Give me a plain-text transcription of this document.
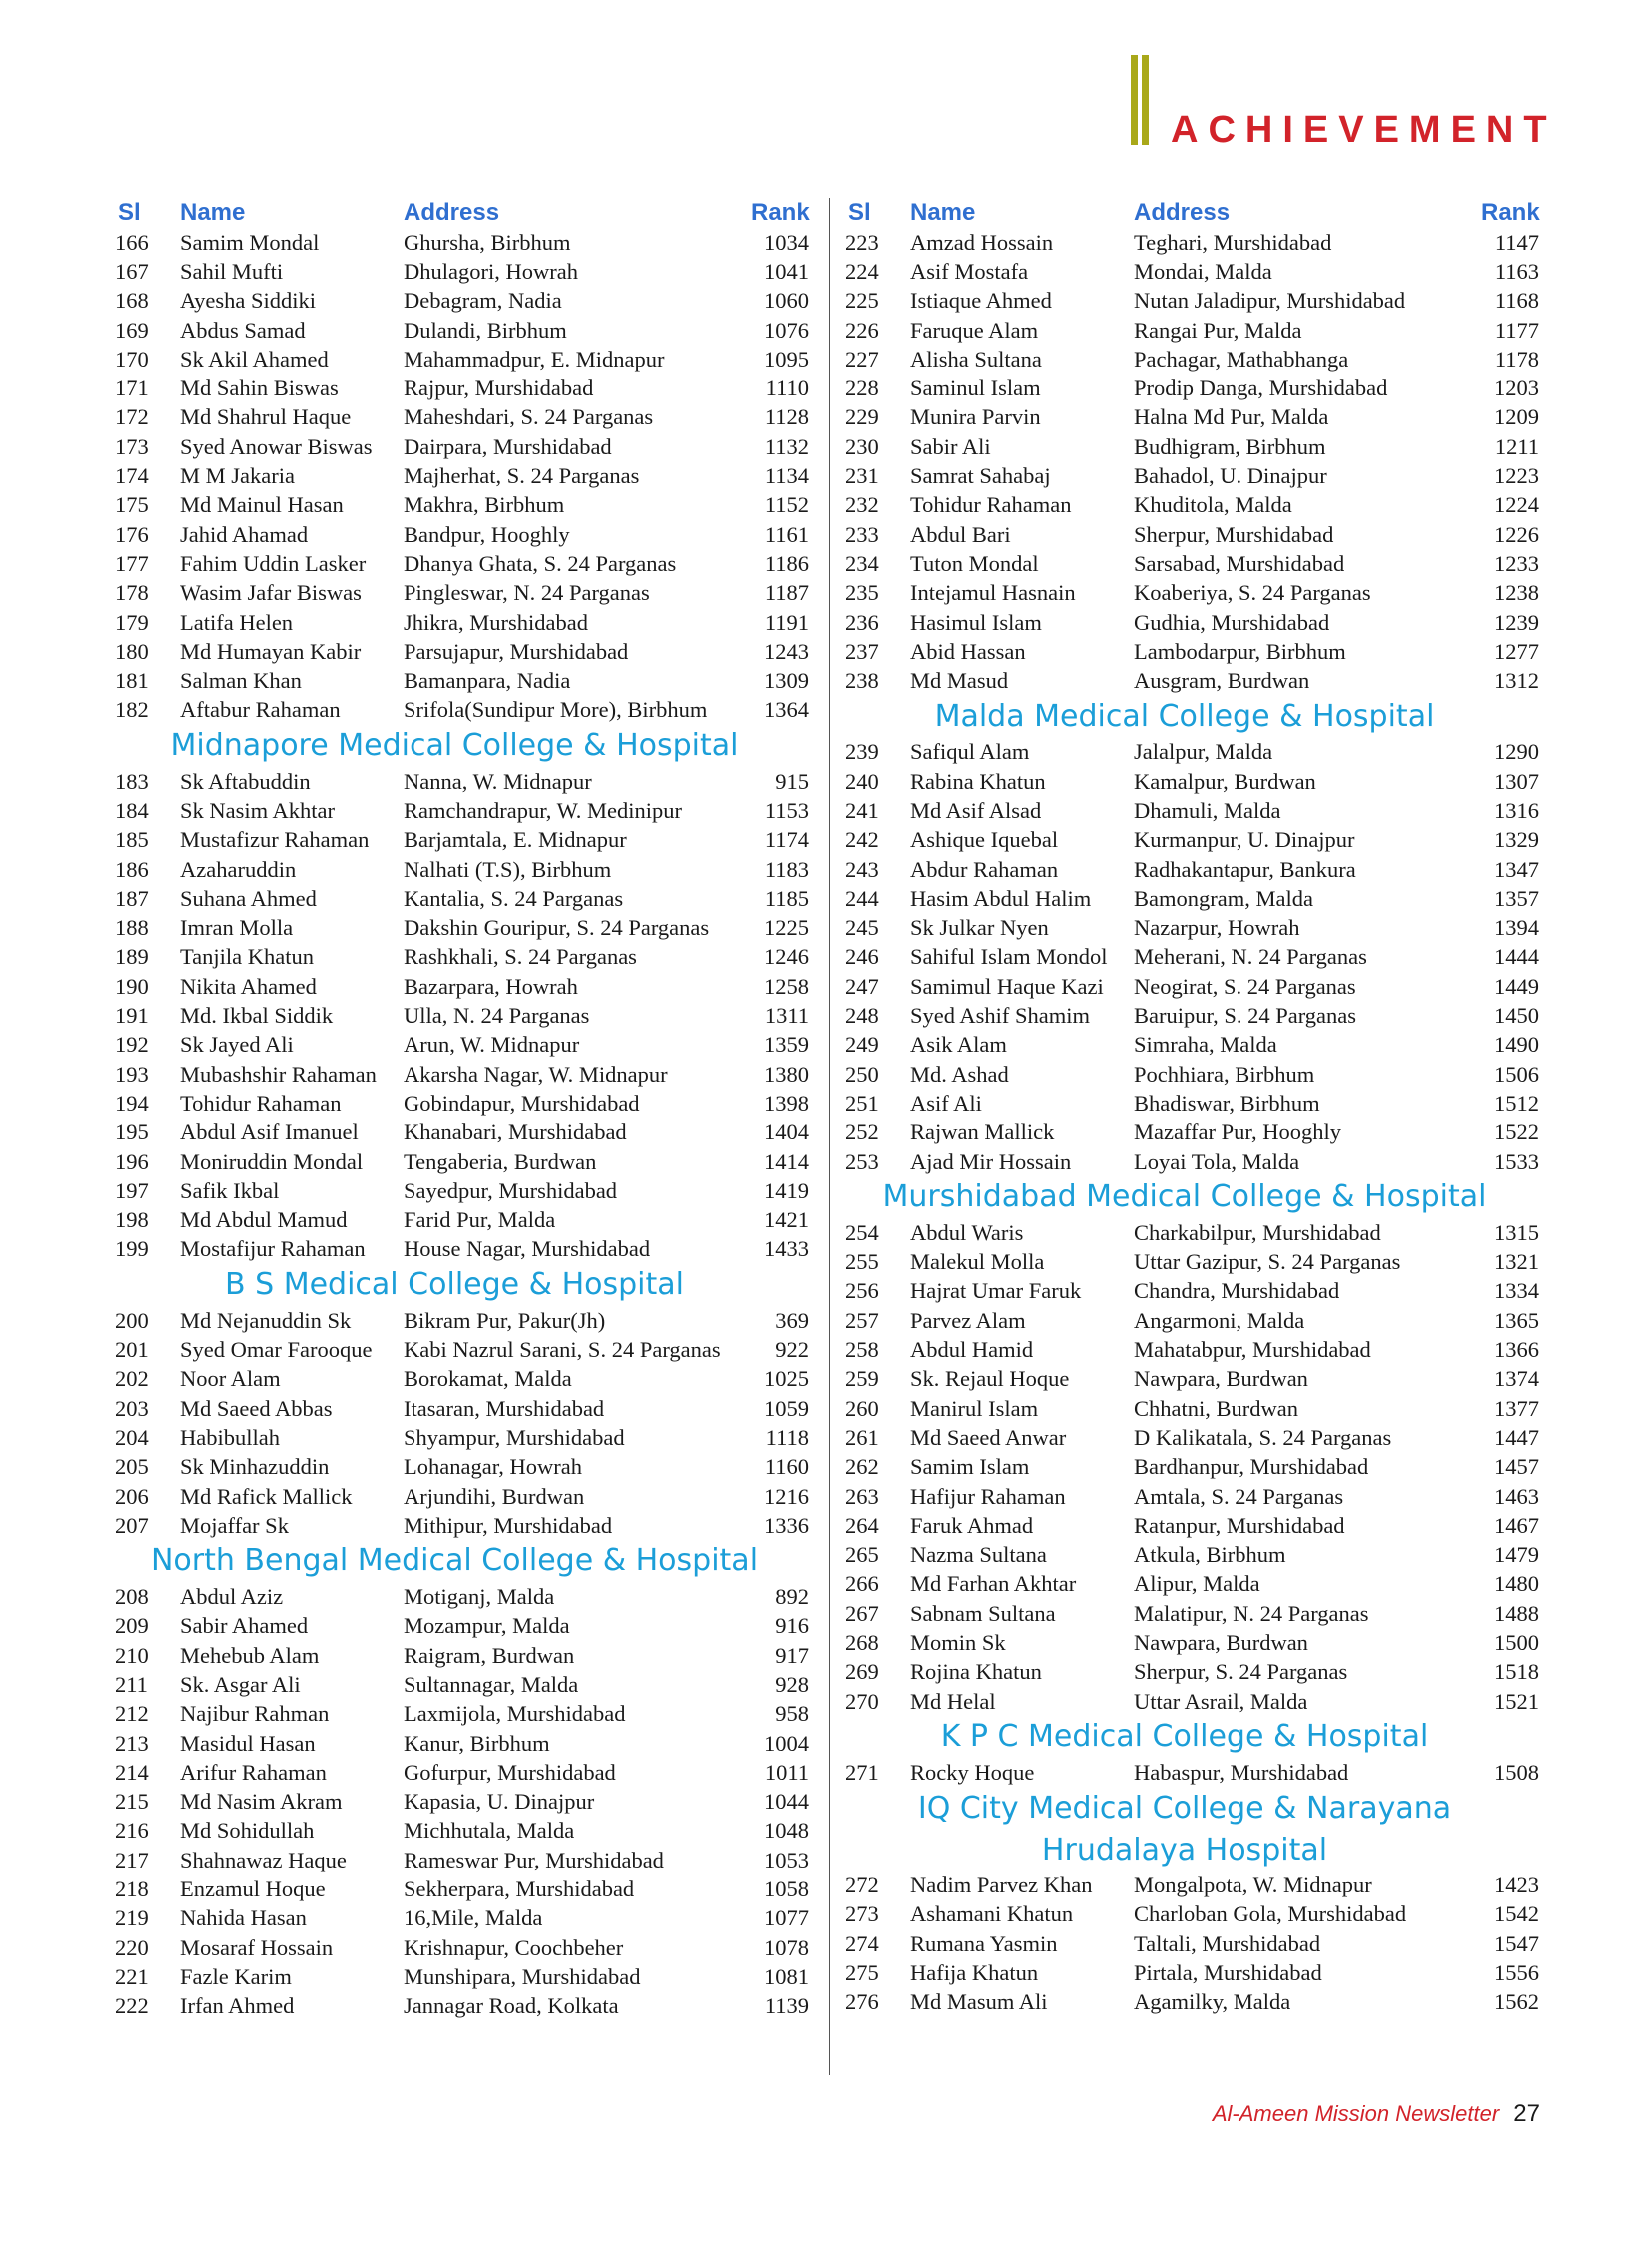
ACHIEVEMENT
Sl	Name	Address	Rank
166	Samim Mondal	Ghursha, Birbhum	1034
167	Sahil Mufti	Dhulagori, Howrah	1041
168	Ayesha Siddiki	Debagram, Nadia	1060
169	Abdus Samad	Dulandi, Birbhum	1076
170	Sk Akil Ahamed	Mahammadpur, E. Midnapur	1095
171	Md Sahin Biswas	Rajpur, Murshidabad	1110
172	Md Shahrul Haque	Maheshdari, S. 24 Parganas	1128
173	Syed Anowar Biswas	Dairpara, Murshidabad	1132
174	M M Jakaria	Majherhat, S. 24 Parganas	1134
175	Md Mainul Hasan	Makhra, Birbhum	1152
176	Jahid Ahamad	Bandpur, Hooghly	1161
177	Fahim Uddin Lasker	Dhanya Ghata, S. 24 Parganas	1186
178	Wasim Jafar Biswas	Pingleswar, N. 24 Parganas	1187
179	Latifa Helen	Jhikra, Murshidabad	1191
180	Md Humayan Kabir	Parsujapur, Murshidabad	1243
181	Salman Khan	Bamanpara, Nadia	1309
182	Aftabur Rahaman	Srifola(Sundipur More), Birbhum	1364
Midnapore Medical College & Hospital
183	Sk Aftabuddin	Nanna, W. Midnapur	915
184	Sk Nasim Akhtar	Ramchandrapur, W. Medinipur	1153
185	Mustafizur Rahaman	Barjamtala, E. Midnapur	1174
186	Azaharuddin	Nalhati (T.S), Birbhum	1183
187	Suhana Ahmed	Kantalia, S. 24 Parganas	1185
188	Imran Molla	Dakshin Gouripur, S. 24 Parganas	1225
189	Tanjila Khatun	Rashkhali, S. 24 Parganas	1246
190	Nikita Ahamed	Bazarpara, Howrah	1258
191	Md. Ikbal Siddik	Ulla, N. 24 Parganas	1311
192	Sk Jayed Ali	Arun, W. Midnapur	1359
193	Mubashshir Rahaman	Akarsha Nagar, W. Midnapur	1380
194	Tohidur Rahaman	Gobindapur, Murshidabad	1398
195	Abdul Asif Imanuel	Khanabari, Murshidabad	1404
196	Moniruddin Mondal	Tengaberia, Burdwan	1414
197	Safik Ikbal	Sayedpur, Murshidabad	1419
198	Md Abdul Mamud	Farid Pur, Malda	1421
199	Mostafijur Rahaman	House Nagar, Murshidabad	1433
B S Medical College & Hospital
200	Md Nejanuddin Sk	Bikram Pur, Pakur(Jh)	369
201	Syed Omar Farooque	Kabi Nazrul Sarani, S. 24 Parganas	922
202	Noor Alam	Borokamat, Malda	1025
203	Md Saeed Abbas	Itasaran, Murshidabad	1059
204	Habibullah	Shyampur, Murshidabad	1118
205	Sk Minhazuddin	Lohanagar, Howrah	1160
206	Md Rafick Mallick	Arjundihi, Burdwan	1216
207	Mojaffar Sk	Mithipur, Murshidabad	1336
North Bengal Medical College & Hospital
208	Abdul Aziz	Motiganj, Malda	892
209	Sabir Ahamed	Mozampur, Malda	916
210	Mehebub Alam	Raigram, Burdwan	917
211	Sk. Asgar Ali	Sultannagar, Malda	928
212	Najibur Rahman	Laxmijola, Murshidabad	958
213	Masidul Hasan	Kanur, Birbhum	1004
214	Arifur Rahaman	Gofurpur, Murshidabad	1011
215	Md Nasim Akram	Kapasia, U. Dinajpur	1044
216	Md Sohidullah	Michhutala, Malda	1048
217	Shahnawaz Haque	Rameswar Pur, Murshidabad	1053
218	Enzamul Hoque	Sekherpara, Murshidabad	1058
219	Nahida Hasan	16,Mile, Malda	1077
220	Mosaraf Hossain	Krishnapur, Coochbeher	1078
221	Fazle Karim	Munshipara, Murshidabad	1081
222	Irfan Ahmed	Jannagar Road, Kolkata	1139
Sl	Name	Address	Rank
223	Amzad Hossain	Teghari, Murshidabad	1147
224	Asif Mostafa	Mondai, Malda	1163
225	Istiaque Ahmed	Nutan Jaladipur, Murshidabad	1168
226	Faruque Alam	Rangai Pur, Malda	1177
227	Alisha Sultana	Pachagar, Mathabhanga	1178
228	Saminul Islam	Prodip Danga, Murshidabad	1203
229	Munira Parvin	Halna Md Pur, Malda	1209
230	Sabir Ali	Budhigram, Birbhum	1211
231	Samrat Sahabaj	Bahadol, U. Dinajpur	1223
232	Tohidur Rahaman	Khuditola, Malda	1224
233	Abdul Bari	Sherpur, Murshidabad	1226
234	Tuton Mondal	Sarsabad, Murshidabad	1233
235	Intejamul Hasnain	Koaberiya, S. 24 Parganas	1238
236	Hasimul Islam	Gudhia, Murshidabad	1239
237	Abid Hassan	Lambodarpur, Birbhum	1277
238	Md Masud	Ausgram, Burdwan	1312
Malda Medical College & Hospital
239	Safiqul Alam	Jalalpur, Malda	1290
240	Rabina Khatun	Kamalpur, Burdwan	1307
241	Md Asif Alsad	Dhamuli, Malda	1316
242	Ashique Iquebal	Kurmanpur, U. Dinajpur	1329
243	Abdur Rahaman	Radhakantapur, Bankura	1347
244	Hasim Abdul Halim	Bamongram, Malda	1357
245	Sk Julkar Nyen	Nazarpur, Howrah	1394
246	Sahiful Islam Mondol	Meherani, N. 24 Parganas	1444
247	Samimul Haque Kazi	Neogirat, S. 24 Parganas	1449
248	Syed Ashif Shamim	Baruipur, S. 24 Parganas	1450
249	Asik Alam	Simraha, Malda	1490
250	Md. Ashad	Pochhiara, Birbhum	1506
251	Asif Ali	Bhadiswar, Birbhum	1512
252	Rajwan Mallick	Mazaffar Pur, Hooghly	1522
253	Ajad Mir Hossain	Loyai Tola, Malda	1533
Murshidabad Medical College & Hospital
254	Abdul Waris	Charkabilpur, Murshidabad	1315
255	Malekul Molla	Uttar Gazipur, S. 24 Parganas	1321
256	Hajrat Umar Faruk	Chandra, Murshidabad	1334
257	Parvez Alam	Angarmoni, Malda	1365
258	Abdul Hamid	Mahatabpur, Murshidabad	1366
259	Sk. Rejaul Hoque	Nawpara, Burdwan	1374
260	Manirul Islam	Chhatni, Burdwan	1377
261	Md Saeed Anwar	D Kalikatala, S. 24 Parganas	1447
262	Samim Islam	Bardhanpur, Murshidabad	1457
263	Hafijur Rahaman	Amtala, S. 24 Parganas	1463
264	Faruk Ahmad	Ratanpur, Murshidabad	1467
265	Nazma Sultana	Atkula, Birbhum	1479
266	Md Farhan Akhtar	Alipur, Malda	1480
267	Sabnam Sultana	Malatipur, N. 24 Parganas	1488
268	Momin Sk	Nawpara, Burdwan	1500
269	Rojina Khatun	Sherpur, S. 24 Parganas	1518
270	Md Helal	Uttar Asrail, Malda	1521
K P C Medical College & Hospital
271	Rocky Hoque	Habaspur, Murshidabad	1508
IQ City Medical College & Narayana
Hrudalaya Hospital
272	Nadim Parvez Khan	Mongalpota, W. Midnapur	1423
273	Ashamani Khatun	Charloban Gola, Murshidabad	1542
274	Rumana Yasmin	Taltali, Murshidabad	1547
275	Hafija Khatun	Pirtala, Murshidabad	1556
276	Md Masum Ali	Agamilky, Malda	1562
Al-Ameen Mission Newsletter 27
